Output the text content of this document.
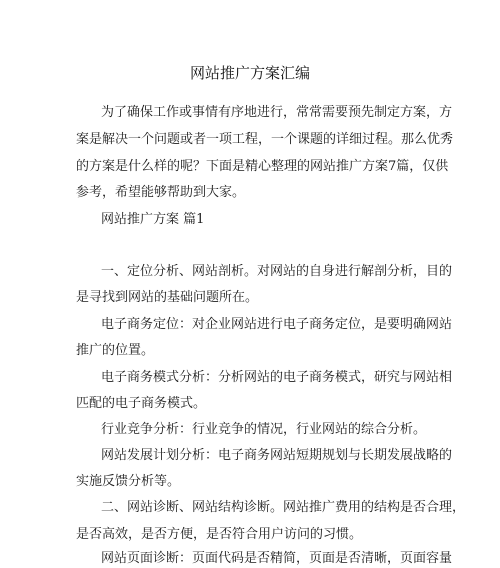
网站推广方案汇编
为了确保工作或事情有序地进行，常常需要预先制定方案，方
案是解决一个问题或者一项工程，一个课题的详细过程。那么优秀
的方案是什么样的呢？下面是精心整理的网站推广方案7篇，仅供
参考，希望能够帮助到大家。
网站推广方案 篇1
一、定位分析、网站剖析。对网站的自身进行解剖分析，目的
是寻找到网站的基础问题所在。
电子商务定位：对企业网站进行电子商务定位，是要明确网站
推广的位置。
电子商务模式分析：分析网站的电子商务模式，研究与网站相
匹配的电子商务模式。
行业竞争分析：行业竞争的情况，行业网站的综合分析。
网站发展计划分析：电子商务网站短期规划与长期发展战略的
实施反馈分析等。
二、网站诊断、网站结构诊断。网站推广费用的结构是否合理，
是否高效，是否方便，是否符合用户访问的习惯。
网站页面诊断：页面代码是否精简，页面是否清晰，页面容量
